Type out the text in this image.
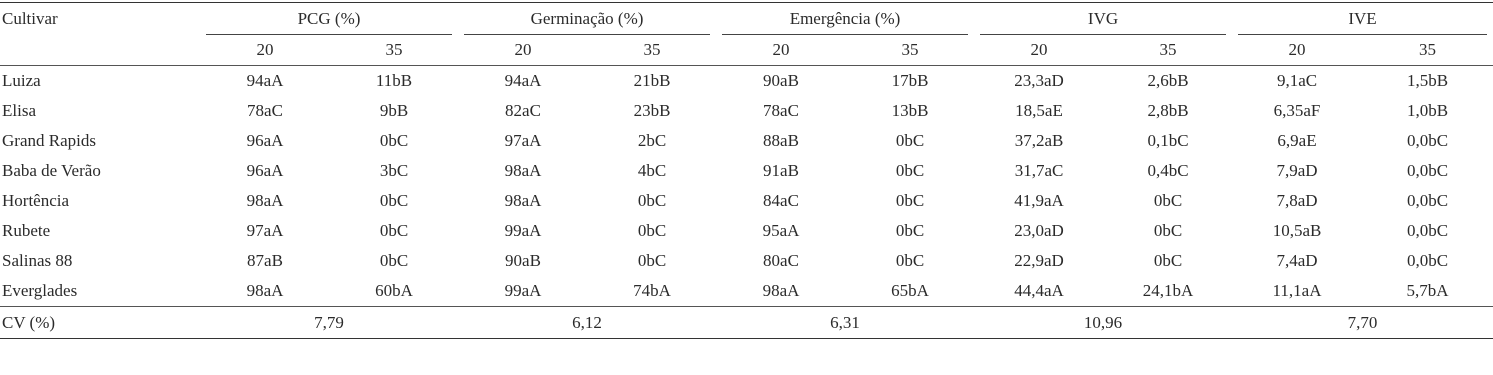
Cultivar	PCG (%)		Germinação (%)		Emergência (%)		IVG		IVE	

	20	35	20	35	20	35	20	35	20	35
Luiza	94aA	11bB	94aA	21bB	90aB	17bB	23,3aD	2,6bB	9,1aC	1,5bB
Elisa	78aC	9bB	82aC	23bB	78aC	13bB	18,5aE	2,8bB	6,35aF	1,0bB
Grand Rapids	96aA	0bC	97aA	2bC	88aB	0bC	37,2aB	0,1bC	6,9aE	0,0bC
Baba de Verão	96aA	3bC	98aA	4bC	91aB	0bC	31,7aC	0,4bC	7,9aD	0,0bC
Hortência	98aA	0bC	98aA	0bC	84aC	0bC	41,9aA	0bC	7,8aD	0,0bC
Rubete	97aA	0bC	99aA	0bC	95aA	0bC	23,0aD	0bC	10,5aB	0,0bC
Salinas 88	87aB	0bC	90aB	0bC	80aC	0bC	22,9aD	0bC	7,4aD	0,0bC
Everglades	98aA	60bA	99aA	74bA	98aA	65bA	44,4aA	24,1bA	11,1aA	5,7bA
CV (%)	7,79		6,12		6,31		10,96		7,70	
